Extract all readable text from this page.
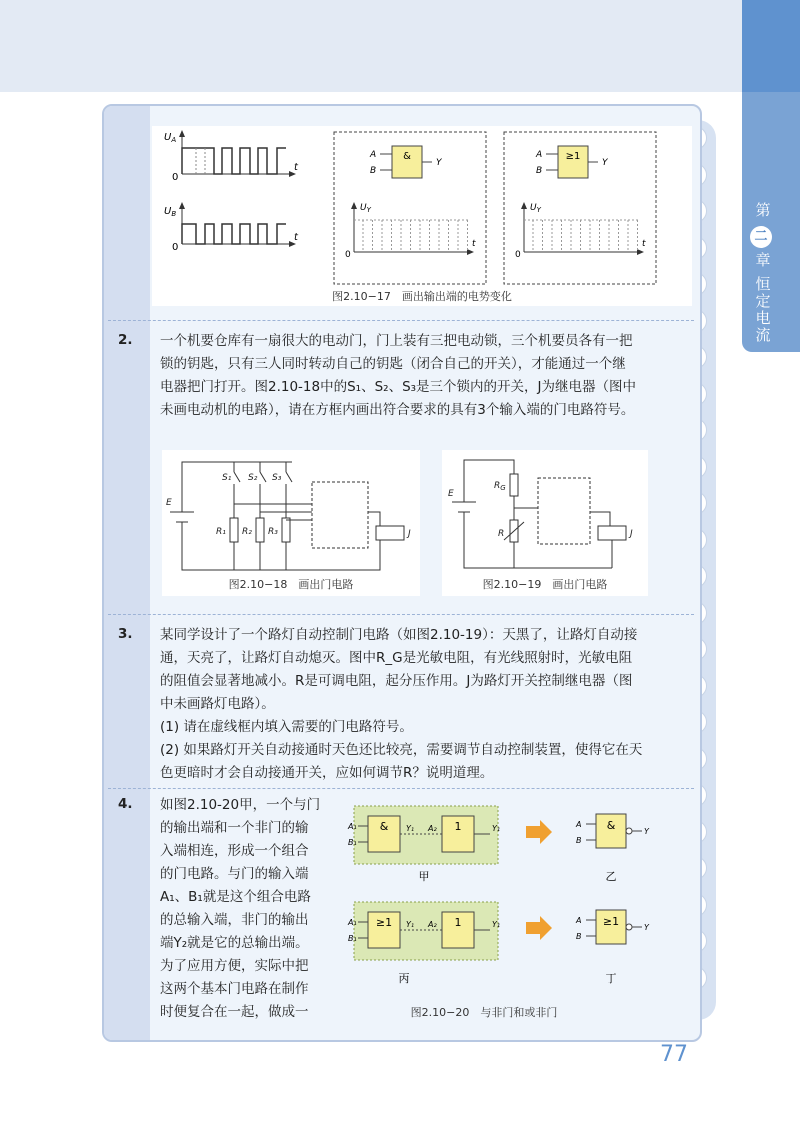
第
二
章
恒
定
电
流
$U_A$
0
t
$U_B$
0
t
&
A
B
Y
$U_Y$
0
t
≥1
A
B
Y
$U_Y$
0
t
图2.10−17　画出输出端的电势变化
2. 一个机要仓库有一扇很大的电动门，门上装有三把电动锁，三个机要员各有一把
锁的钥匙，只有三人同时转动自己的钥匙（闭合自己的开关），才能通过一个继
电器把门打开。图2.10-18中的S₁、S₂、S₃是三个锁内的开关，J为继电器（图中
未画电动机的电路），请在方框内画出符合要求的具有3个输入端的门电路符号。
E
S₁ S₂ S₃
R₁ R₂ R₃	J
图2.10−18　画出门电路
E
$R_G$
R	J
图2.10−19　画出门电路
3. 某同学设计了一个路灯自动控制门电路（如图2.10-19）：天黑了，让路灯自动接
通，天亮了，让路灯自动熄灭。图中R_G是光敏电阻，有光线照射时，光敏电阻
的阻值会显著地减小。R是可调电阻，起分压作用。J为路灯开关控制继电器（图
中未画路灯电路）。
(1) 请在虚线框内填入需要的门电路符号。
(2) 如果路灯开关自动接通时天色还比较亮，需要调节自动控制装置，使得它在天
色更暗时才会自动接通开关，应如何调节R？说明道理。
4. 如图2.10-20甲，一个与门
的输出端和一个非门的输
入端相连，形成一个组合
的门电路。与门的输入端
A₁、B₁就是这个组合电路
的总输入端，非门的输出
端Y₂就是它的总输出端。
为了应用方便，实际中把
这两个基本门电路在制作
时便复合在一起，做成一
&	1
A₁
B₁
Y₁ A₂	Y₁
甲
&
A
B
Y
乙
≥1	1
A₁
B₁
Y₁ A₂	Y₁
丙
≥1
A
B
Y
丁
图2.10−20　与非门和或非门
77
